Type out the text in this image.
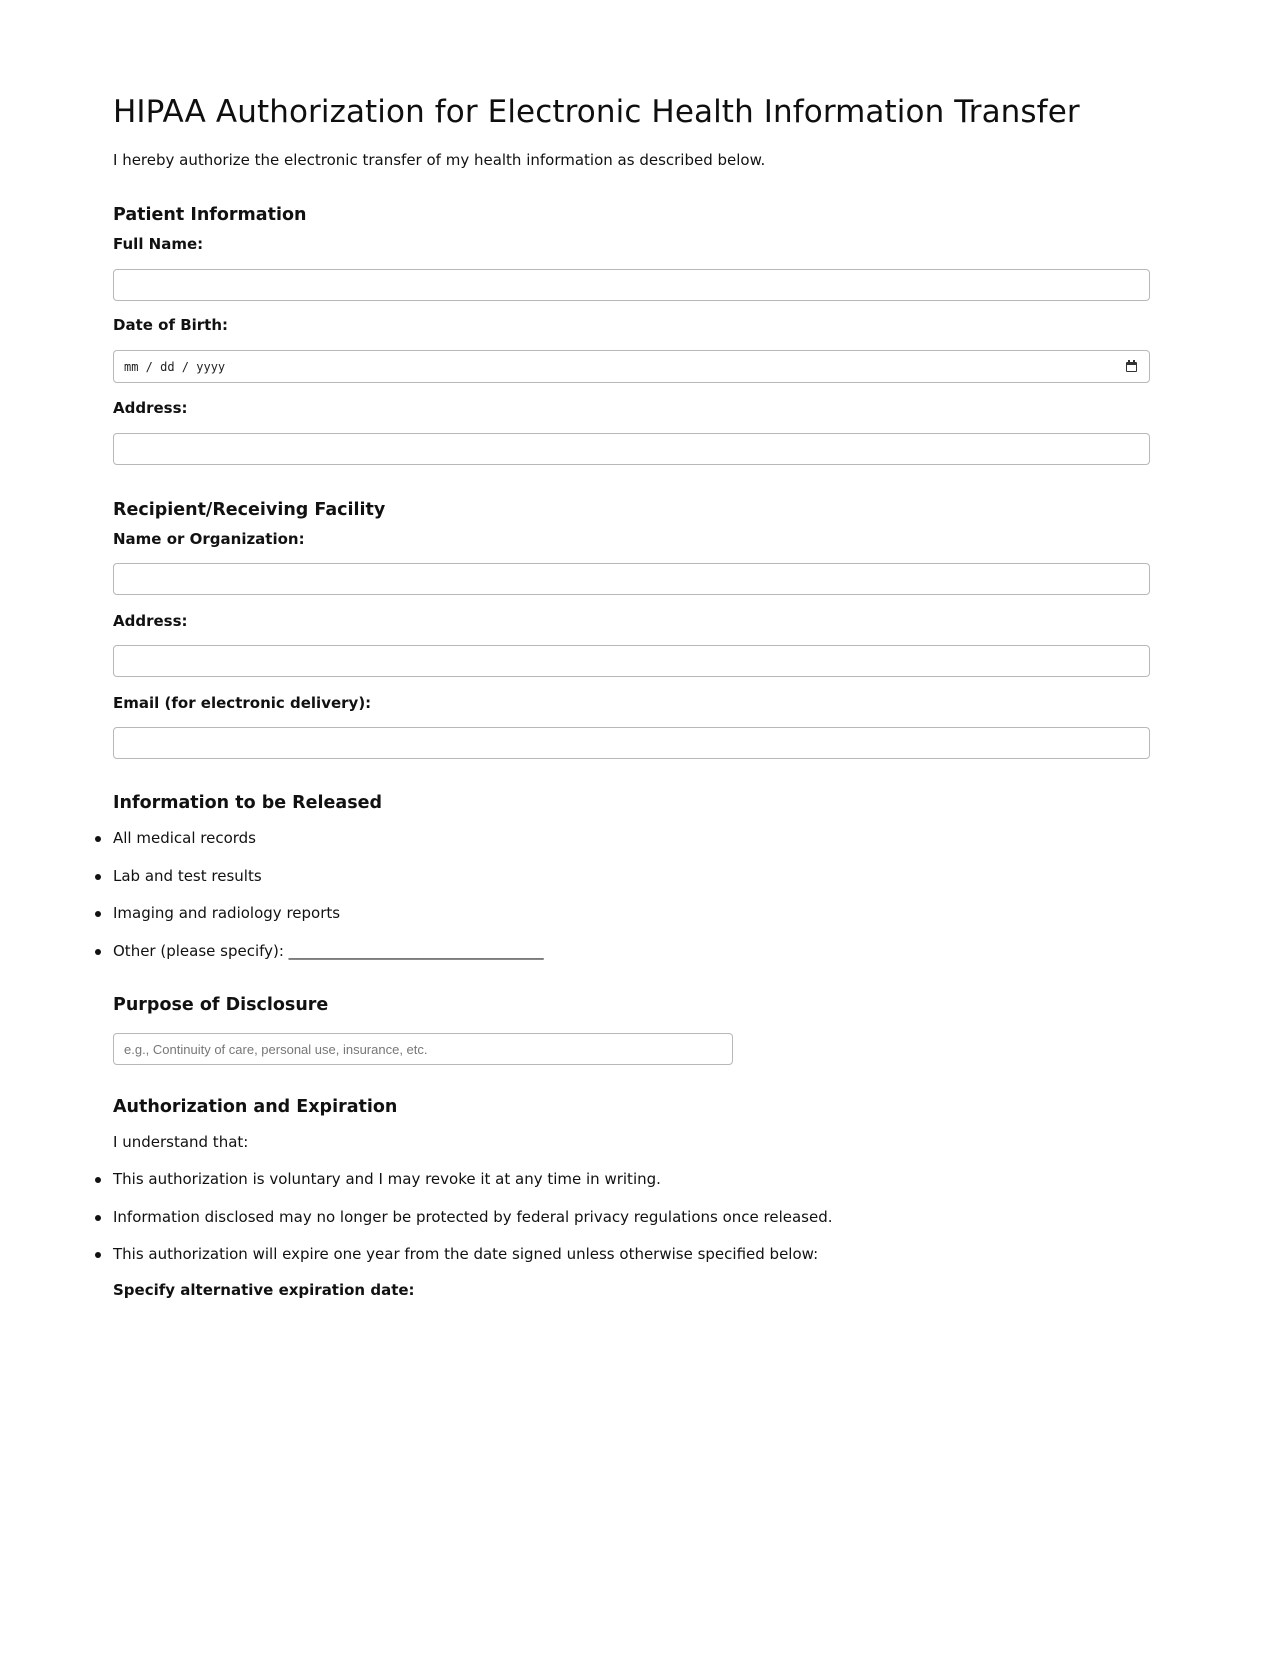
HIPAA Authorization for Electronic Health Information Transfer

I hereby authorize the electronic transfer of my health information as described below.

Patient Information
Full Name:
Date of Birth:
mm / dd / yyyy
Address:
Recipient/Receiving Facility
Name or Organization:
Address:
Email (for electronic delivery):
Information to be Released
All medical records
Lab and test results
Imaging and radiology reports
Other (please specify): __________________________________
Purpose of Disclosure
e.g., Continuity of care, personal use, insurance, etc.
Authorization and Expiration

I understand that:

This authorization is voluntary and I may revoke it at any time in writing.
Information disclosed may no longer be protected by federal privacy regulations once released.
This authorization will expire one year from the date signed unless otherwise specified below:
Specify alternative expiration date:
